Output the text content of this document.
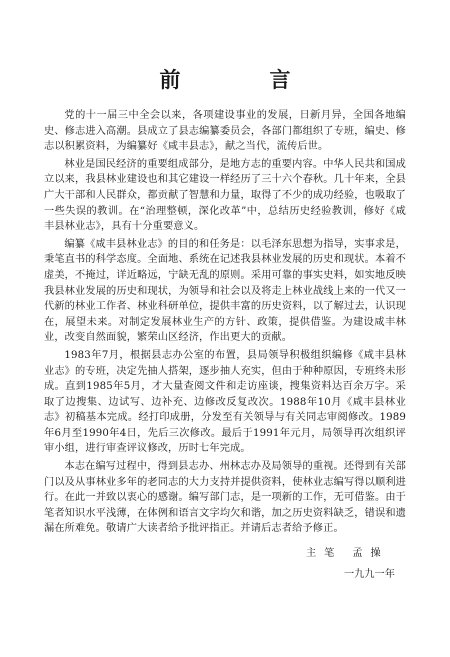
前　言

党的十一届三中全会以来，各项建设事业的发展，日新月异，全国各地编史、修志进入高潮。县成立了县志编纂委员会，各部门都组织了专班，编史、修志以积累资料，为编纂好《咸丰县志》，献之当代，流传后世。

林业是国民经济的重要组成部分，是地方志的重要内容。中华人民共和国成立以来，我县林业建设也和其它建设一样经历了三十六个春秋。几十年来，全县广大干部和人民群众，都贡献了智慧和力量，取得了不少的成功经验，也吸取了一些失误的教训。在“治理整顿，深化改革”中，总结历史经验教训，修好《咸丰县林业志》，具有十分重要意义。

编纂《咸丰县林业志》的目的和任务是：以毛泽东思想为指导，实事求是，秉笔直书的科学态度。全面地、系统在记述我县林业发展的历史和现状。本着不虚美，不掩过，详近略远，宁缺无乱的原则。采用可靠的事实史料，如实地反映我县林业发展的历史和现状，为领导和社会以及将走上林业战线上来的一代又一代新的林业工作者、林业科研单位，提供丰富的历史资料，以了解过去，认识现在，展望未来。对制定发展林业生产的方针、政策，提供借鉴。为建设咸丰林业，改变自然面貌，繁荣山区经济，作出更大的贡献。

1983年7月，根据县志办公室的布置，县局领导积极组织编修《咸丰县林业志》的专班，决定先抽人搭架，逐步抽人充实，但由于种种原因，专班终未形成。直到1985年5月，才大量查阅文件和走访座谈，搜集资料达百余万字。采取了边搜集、边试写、边补充、边修改反复改次。1988年10月《咸丰县林业志》初稿基本完成。经打印成册，分发至有关领导与有关同志审阅修改。1989年6月至1990年4日，先后三次修改。最后于1991年元月，局领导再次组织评审小组，进行审查评议修改，历时七年完成。

本志在编写过程中，得到县志办、州林志办及局领导的重视。还得到有关部门以及从事林业多年的老同志的大力支持并提供资料，使林业志编写得以顺利进行。在此一并致以衷心的感谢。编写部门志，是一项新的工作，无可借鉴。由于笔者知识水平浅薄，在体例和语言文字均欠和谐，加之历史资料缺乏，错误和遗漏在所难免。敬请广大读者给予批评指正。并请后志者给予修正。

主笔 孟操
一九九一年
